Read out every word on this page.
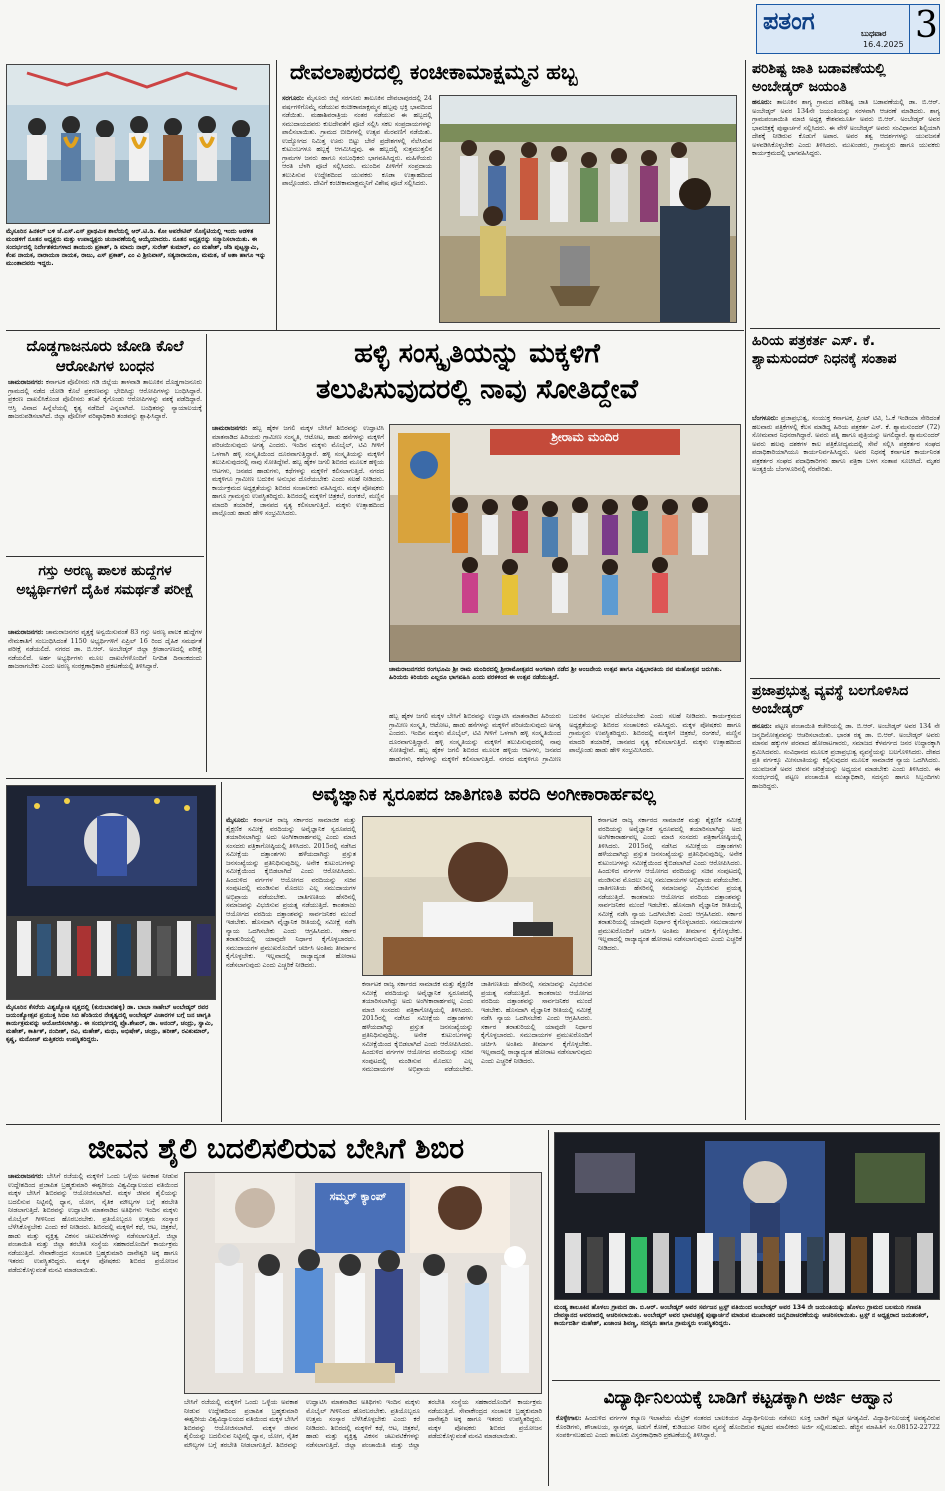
ಪತಂಗ	ಬುಧವಾರ
16.4.2025 3
ಮೈಸೂರಿನ ಹಿನಕಲ್ ಬಳಿ ಜೆ.ಎಸ್.ಎಸ್ ಪ್ರಾಥಮಿಕ ಶಾಲೆಯಲ್ಲಿ ಆರ್.ಟಿ.ಡಿ. ಕೋ ಆಪರೇಟಿವ್ ಸೊಸೈಟಿಯಲ್ಲಿ ಇಂದು ಆಡಳಿತ ಮಂಡಳಿಗೆ ನೂತನ ಅಧ್ಯಕ್ಷರು ಮತ್ತು ಉಪಾಧ್ಯಕ್ಷರು ಚುನಾವಣೆಯಲ್ಲಿ ಆಯ್ಕೆಯಾದರು. ನೂತನ ಅಧ್ಯಕ್ಷರನ್ನು ಸನ್ಮಾನಿಸಲಾಯಿತು. ಈ ಸಂದರ್ಭದಲ್ಲಿ ನಿರ್ದೇಶಕರುಗಳಾದ ತಾಯುರು ಪ್ರಕಾಶ್, ಡಿ ಮಾದು ನಾಥ್, ಸುರೇಶ್ ಕುಮಾರ್, ಎಂ ಮಹೇಶ್, ಜೆಡಿ ಪುಟ್ಟಸ್ವಾಮಿ, ಕೆಂಪ ನಾಯಕ, ನಾರಾಯಣ ನಾಯಕ, ರಾಜು, ಎಸ್ ಪ್ರಕಾಶ್, ಎಂ ವಿ ಶ್ರೀನಿವಾಸ್, ಸತ್ಯನಾರಾಯಣ, ಮಮತ, ಜೆ ಅಶಾ ಹಾಗೂ ಇನ್ನು ಮುಂತಾದವರು ಇದ್ದರು.
ದೇವಲಾಪುರದಲ್ಲಿ ಕಂಚೀಕಾಮಾಕ್ಷಮ್ಮನ ಹಬ್ಬ
ಸರಗೂರು: ಮೈಸೂರು ಜಿಲ್ಲೆ ಸರಗೂರು ತಾಲೂಕಿನ ದೇವಲಾಪುರದಲ್ಲಿ 24 ವರ್ಷಗಳಿಗೊಮ್ಮೆ ನಡೆಯುವ ಕಂಚೀಕಾಮಾಕ್ಷಮ್ಮನ ಹಬ್ಬವು ಭಕ್ತಿ ಭಾವದಿಂದ ನಡೆಯಿತು. ಮಹಾಶಿವರಾತ್ರಿಯ ನಂತರ ನಡೆಯುವ ಈ ಹಬ್ಬದಲ್ಲಿ ಸಮುದಾಯದವರು ಕುಲದೇವತೆಗೆ ಪೂಜೆ ಸಲ್ಲಿಸಿ ಸಕಲ ಸಂಪ್ರದಾಯಗಳನ್ನು ಪಾಲಿಸಲಾಯಿತು. ಗ್ರಾಮದ ಬೀದಿಗಳಲ್ಲಿ ಉತ್ಸವ ಮೆರವಣಿಗೆ ನಡೆಯಿತು. ಉದ್ಯೋಗದ ನಿಮಿತ್ತ ಊರು ಬಿಟ್ಟು ಬೇರೆ ಪ್ರದೇಶಗಳಲ್ಲಿ ನೆಲೆಸಿರುವ ಕುಟುಂಬಗಳೂ ಹಬ್ಬಕ್ಕೆ ಆಗಮಿಸಿದ್ದವು. ಈ ಹಬ್ಬದಲ್ಲಿ ಸುತ್ತಮುತ್ತಲಿನ ಗ್ರಾಮಗಳ ಜನರು ಹಾಗೂ ಸಂಬಂಧಿಕರು ಭಾಗವಹಿಸಿದ್ದರು. ಮಹಿಳೆಯರು ಆರತಿ ಬೆಳಗಿ ಪೂಜೆ ಸಲ್ಲಿಸಿದರು. ಮುಂದಿನ ಪೀಳಿಗೆಗೆ ಸಂಪ್ರದಾಯ ತಲುಪಿಸುವ ಉದ್ದೇಶದಿಂದ ಯುವಕರು ಕೂಡಾ ಉತ್ಸಾಹದಿಂದ ಪಾಲ್ಗೊಂಡರು. ದೇವಿಗೆ ಕಂಚೀಕಾಮಾಕ್ಷಮ್ಮನಿಗೆ ವಿಶೇಷ ಪೂಜೆ ಸಲ್ಲಿಸಿದರು.
ಪರಿಶಿಷ್ಟ ಜಾತಿ ಬಡಾವಣೆಯಲ್ಲಿ ಅಂಬೇಡ್ಕರ್ ಜಯಂತಿ
ಹನೂರು: ತಾಲೂಕಿನ ಶಾಗ್ಯ ಗ್ರಾಮದ ಪರಿಶಿಷ್ಟ ಜಾತಿ ಬಡಾವಣೆಯಲ್ಲಿ ಡಾ. ಬಿ.ಆರ್. ಅಂಬೇಡ್ಕರ್ ಅವರ 134ನೇ ಜಯಂತಿಯನ್ನು ಸರಳವಾಗಿ ಆಚರಣೆ ಮಾಡಿದರು. ಶಾಗ್ಯ ಗ್ರಾಮಪಂಚಾಯಿತಿ ಮಾಜಿ ಅಧ್ಯಕ್ಷ ಕೇಶವಮೂರ್ತಿ ಅವರು ಬಿ.ಆರ್. ಅಂಬೇಡ್ಕರ್ ಅವರ ಭಾವಚಿತ್ರಕ್ಕೆ ಪುಷ್ಪಾರ್ಚನೆ ಸಲ್ಲಿಸಿದರು. ಈ ವೇಳೆ ಅಂಬೇಡ್ಕರ್ ಅವರು ಸಂವಿಧಾನದ ಶಿಲ್ಪಿಯಾಗಿ ದೇಶಕ್ಕೆ ನೀಡಿರುವ ಕೊಡುಗೆ ಅಪಾರ. ಅವರ ತತ್ವ ಆದರ್ಶಗಳನ್ನು ಯುವಜನತೆ ಅಳವಡಿಸಿಕೊಳ್ಳಬೇಕು ಎಂದು ತಿಳಿಸಿದರು. ಮುಖಂಡರು, ಗ್ರಾಮಸ್ಥರು ಹಾಗೂ ಯುವಕರು ಕಾರ್ಯಕ್ರಮದಲ್ಲಿ ಭಾಗವಹಿಸಿದ್ದರು.
ಹಿರಿಯ ಪತ್ರಕರ್ತ ಎಸ್. ಕೆ. ಶ್ಯಾಮಸುಂದರ್ ನಿಧನಕ್ಕೆ ಸಂತಾಪ
ಬೆಂಗಳೂರು: ಪ್ರಜಾಪ್ರಭುತ್ವ, ಸಂಯುಕ್ತ ಕರ್ನಾಟಕ, ಪ್ರಿಂಟ್ ಟಿವಿ, ಓ.ಕೆ ಇಂಡಿಯಾ ಸೇರಿದಂತೆ ಹಲವಾರು ಪತ್ರಿಕೆಗಳಲ್ಲಿ ಕೆಲಸ ಮಾಡಿದ್ದ ಹಿರಿಯ ಪತ್ರಕರ್ತ ಎಸ್. ಕೆ. ಶ್ಯಾಮಸುಂದರ್ (72) ಸೋಮವಾರ ನಿಧನರಾಗಿದ್ದಾರೆ. ಅವರು ಪತ್ನಿ ಹಾಗೂ ಪುತ್ರಿಯನ್ನು ಅಗಲಿದ್ದಾರೆ. ಶ್ಯಾಮಸುಂದರ್ ಅವರು ಹಲವು ದಶಕಗಳ ಕಾಲ ಪತ್ರಿಕೋದ್ಯಮದಲ್ಲಿ ಸೇವೆ ಸಲ್ಲಿಸಿ ಪತ್ರಕರ್ತರ ಸಂಘದ ಪದಾಧಿಕಾರಿಯಾಗಿಯೂ ಕಾರ್ಯನಿರ್ವಹಿಸಿದ್ದರು. ಅವರ ನಿಧನಕ್ಕೆ ಕರ್ನಾಟಕ ಕಾರ್ಯನಿರತ ಪತ್ರಕರ್ತರ ಸಂಘದ ಪದಾಧಿಕಾರಿಗಳು ಹಾಗೂ ಪತ್ರಿಕಾ ಬಳಗ ಸಂತಾಪ ಸೂಚಿಸಿದೆ. ಮೃತರ ಅಂತ್ಯಕ್ರಿಯೆ ಬೆಂಗಳೂರಿನಲ್ಲಿ ನೆರವೇರಿತು.
ಪ್ರಜಾಪ್ರಭುತ್ವ ವ್ಯವಸ್ಥೆ ಬಲಗೊಳಿಸಿದ ಅಂಬೇಡ್ಕರ್
ಹನೂರು: ಪಟ್ಟಣ ಪಂಚಾಯಿತಿ ಕಚೇರಿಯಲ್ಲಿ ಡಾ. ಬಿ.ಆರ್. ಅಂಬೇಡ್ಕರ್ ಅವರ 134 ನೇ ಜನ್ಮದಿನೋತ್ಸವವನ್ನು ಆಚರಿಸಲಾಯಿತು. ಭಾರತ ರತ್ನ ಡಾ. ಬಿ.ಆರ್. ಅಂಬೇಡ್ಕರ್ ಅವರು ಮಾನವ ಹಕ್ಕುಗಳ ಪರವಾದ ಹೋರಾಟಗಾರರು, ಸಮಾಜದ ಕೆಳವರ್ಗದ ಜನರ ಉದ್ಧಾರಕ್ಕಾಗಿ ಶ್ರಮಿಸಿದವರು. ಸಂವಿಧಾನದ ಮೂಲಕ ಪ್ರಜಾಪ್ರಭುತ್ವ ವ್ಯವಸ್ಥೆಯನ್ನು ಬಲಗೊಳಿಸಿದರು. ದೇಶದ ಪ್ರತಿ ವರ್ಗಕ್ಕೂ ಮೀಸಲಾತಿಯನ್ನು ಕಲ್ಪಿಸುವುದರ ಮೂಲಕ ಸಾಮಾಜಿಕ ನ್ಯಾಯ ಒದಗಿಸಿದರು. ಯುವಜನತೆ ಅವರ ಜೀವನ ಚರಿತ್ರೆಯನ್ನು ಅಧ್ಯಯನ ಮಾಡಬೇಕು ಎಂದು ತಿಳಿಸಿದರು. ಈ ಸಂದರ್ಭದಲ್ಲಿ ಪಟ್ಟಣ ಪಂಚಾಯಿತಿ ಮುಖ್ಯಾಧಿಕಾರಿ, ಸದಸ್ಯರು ಹಾಗೂ ಸಿಬ್ಬಂದಿಗಳು ಹಾಜರಿದ್ದರು.
ದೊಡ್ಡಗಾಜನೂರು ಜೋಡಿ ಕೊಲೆ ಆರೋಪಿಗಳ ಬಂಧನ
ಚಾಮರಾಜನಗರ: ಕರ್ನಾಟಕ ಪೊಲೀಸರು ಗಡಿ ಜಿಲ್ಲೆಯ ತಾಳವಾಡಿ ತಾಲೂಕಿನ ದೊಡ್ಡಗಾಜನೂರು ಗ್ರಾಮದಲ್ಲಿ ನಡೆದ ಜೋಡಿ ಕೊಲೆ ಪ್ರಕರಣವನ್ನು ಭೇದಿಸಿದ್ದು ಆರೋಪಿಗಳನ್ನು ಬಂಧಿಸಿದ್ದಾರೆ. ಪ್ರಕರಣ ದಾಖಲಿಸಿಕೊಂಡ ಪೊಲೀಸರು ತನಿಖೆ ಕೈಗೊಂಡು ಆರೋಪಿಗಳನ್ನು ವಶಕ್ಕೆ ಪಡೆದಿದ್ದಾರೆ. ಆಸ್ತಿ ವಿವಾದ ಹಿನ್ನೆಲೆಯಲ್ಲಿ ಕೃತ್ಯ ನಡೆದಿದೆ ಎನ್ನಲಾಗಿದೆ. ಬಂಧಿತರನ್ನು ನ್ಯಾಯಾಲಯಕ್ಕೆ ಹಾಜರುಪಡಿಸಲಾಗಿದೆ. ಜಿಲ್ಲಾ ಪೊಲೀಸ್ ವರಿಷ್ಠಾಧಿಕಾರಿ ತಂಡವನ್ನು ಶ್ಲಾಘಿಸಿದ್ದಾರೆ.
ಗಸ್ತು ಅರಣ್ಯ ಪಾಲಕ ಹುದ್ದೆಗಳ ಅಭ್ಯರ್ಥಿಗಳಿಗೆ ದೈಹಿಕ ಸಮರ್ಥತೆ ಪರೀಕ್ಷೆ
ಚಾಮರಾಜನಗರ: ಚಾಮರಾಜನಗರ ವೃತ್ತಕ್ಕೆ ಅನ್ವಯಿಸುವಂತೆ 83 ಗಸ್ತು ಅರಣ್ಯ ಪಾಲಕ ಹುದ್ದೆಗಳ ನೇಮಕಾತಿಗೆ ಸಂಬಂಧಿಸಿದಂತೆ 1150 ಅಭ್ಯರ್ಥಿಗಳಿಗೆ ಏಪ್ರಿಲ್ 16 ರಿಂದ ದೈಹಿಕ ಸಮರ್ಥತೆ ಪರೀಕ್ಷೆ ನಡೆಯಲಿದೆ. ನಗರದ ಡಾ. ಬಿ.ಆರ್. ಅಂಬೇಡ್ಕರ್ ಜಿಲ್ಲಾ ಕ್ರೀಡಾಂಗಣದಲ್ಲಿ ಪರೀಕ್ಷೆ ನಡೆಯಲಿದೆ. ಅರ್ಹ ಅಭ್ಯರ್ಥಿಗಳು ಮೂಲ ದಾಖಲೆಗಳೊಂದಿಗೆ ನಿಗದಿತ ದಿನಾಂಕದಂದು ಹಾಜರಾಗಬೇಕು ಎಂದು ಅರಣ್ಯ ಸಂರಕ್ಷಣಾಧಿಕಾರಿ ಪ್ರಕಟಣೆಯಲ್ಲಿ ತಿಳಿಸಿದ್ದಾರೆ.
ಹಳ್ಳಿ ಸಂಸ್ಕೃತಿಯನ್ನು ಮಕ್ಕಳಿಗೆ
ತಲುಪಿಸುವುದರಲ್ಲಿ ನಾವು ಸೋತಿದ್ದೇವೆ
ಚಾಮರಾಜನಗರ: ಹಬ್ಬ ಹೈಕಳ ಜಗಲಿ ಮಕ್ಕಳ ಬೇಸಿಗೆ ಶಿಬಿರವನ್ನು ಉದ್ಘಾಟಿಸಿ ಮಾತನಾಡಿದ ಹಿರಿಯರು ಗ್ರಾಮೀಣ ಸಂಸ್ಕೃತಿ, ಆಟೋಟ, ಹಾಡು ಹಸೆಗಳನ್ನು ಮಕ್ಕಳಿಗೆ ಪರಿಚಯಿಸುವುದು ಅಗತ್ಯ ಎಂದರು. ಇಂದಿನ ಮಕ್ಕಳು ಮೊಬೈಲ್, ಟಿವಿ ಗೀಳಿಗೆ ಒಳಗಾಗಿ ಹಳ್ಳಿ ಸಂಸ್ಕೃತಿಯಿಂದ ದೂರವಾಗುತ್ತಿದ್ದಾರೆ. ಹಳ್ಳಿ ಸಂಸ್ಕೃತಿಯನ್ನು ಮಕ್ಕಳಿಗೆ ತಲುಪಿಸುವುದರಲ್ಲಿ ನಾವು ಸೋತಿದ್ದೇವೆ. ಹಬ್ಬ ಹೈಕಳ ಜಗಲಿ ಶಿಬಿರದ ಮೂಲಕ ಹಳ್ಳಿಯ ಆಟಗಳು, ಜನಪದ ಹಾಡುಗಳು, ಕಥೆಗಳನ್ನು ಮಕ್ಕಳಿಗೆ ಕಲಿಸಲಾಗುತ್ತಿದೆ. ನಗರದ ಮಕ್ಕಳಿಗೂ ಗ್ರಾಮೀಣ ಬದುಕಿನ ಅನುಭವ ದೊರೆಯಬೇಕು ಎಂದು ಸಲಹೆ ನೀಡಿದರು. ಕಾರ್ಯಕ್ರಮದ ಅಧ್ಯಕ್ಷತೆಯನ್ನು ಶಿಬಿರದ ಸಂಚಾಲಕರು ವಹಿಸಿದ್ದರು. ಮಕ್ಕಳ ಪೋಷಕರು ಹಾಗೂ ಗ್ರಾಮಸ್ಥರು ಉಪಸ್ಥಿತರಿದ್ದರು. ಶಿಬಿರದಲ್ಲಿ ಮಕ್ಕಳಿಗೆ ಚಿತ್ರಕಲೆ, ರಂಗಕಲೆ, ಮಣ್ಣಿನ ಮಾದರಿ ತಯಾರಿಕೆ, ಜಾನಪದ ನೃತ್ಯ ಕಲಿಸಲಾಗುತ್ತಿದೆ. ಮಕ್ಕಳು ಉತ್ಸಾಹದಿಂದ ಪಾಲ್ಗೊಂಡು ಹಾಡು ಹೇಳಿ ಸಂಭ್ರಮಿಸಿದರು.
ಶ್ರೀರಾಮ ಮಂದಿರ
ಚಾಮರಾಜನಗರದ ರಂಗಭೂಮಿ ಶ್ರೀ ರಾಮ ಮಂದಿರದಲ್ಲಿ ಶ್ರೀರಾಮೋತ್ಸವದ ಅಂಗವಾಗಿ ನಡೆದ ಶ್ರೀ ಆಂಜನೇಯ ಉತ್ಸವ ಹಾಗೂ ವಿಶ್ವಭಾರತಿಯ ನವ ಮಹೋತ್ಸವ ಜರುಗಿತು. ಹಿರಿಯರು ಕಿರಿಯರು ಎಲ್ಲರೂ ಭಾಗವಹಿಸಿ ಎಂದು ವರಕಳಿಂದ ಈ ಉತ್ಸವ ನಡೆಯುತ್ತಿದೆ.
ಹಬ್ಬ ಹೈಕಳ ಜಗಲಿ ಮಕ್ಕಳ ಬೇಸಿಗೆ ಶಿಬಿರವನ್ನು ಉದ್ಘಾಟಿಸಿ ಮಾತನಾಡಿದ ಹಿರಿಯರು ಗ್ರಾಮೀಣ ಸಂಸ್ಕೃತಿ, ಆಟೋಟ, ಹಾಡು ಹಸೆಗಳನ್ನು ಮಕ್ಕಳಿಗೆ ಪರಿಚಯಿಸುವುದು ಅಗತ್ಯ ಎಂದರು. ಇಂದಿನ ಮಕ್ಕಳು ಮೊಬೈಲ್, ಟಿವಿ ಗೀಳಿಗೆ ಒಳಗಾಗಿ ಹಳ್ಳಿ ಸಂಸ್ಕೃತಿಯಿಂದ ದೂರವಾಗುತ್ತಿದ್ದಾರೆ. ಹಳ್ಳಿ ಸಂಸ್ಕೃತಿಯನ್ನು ಮಕ್ಕಳಿಗೆ ತಲುಪಿಸುವುದರಲ್ಲಿ ನಾವು ಸೋತಿದ್ದೇವೆ. ಹಬ್ಬ ಹೈಕಳ ಜಗಲಿ ಶಿಬಿರದ ಮೂಲಕ ಹಳ್ಳಿಯ ಆಟಗಳು, ಜನಪದ ಹಾಡುಗಳು, ಕಥೆಗಳನ್ನು ಮಕ್ಕಳಿಗೆ ಕಲಿಸಲಾಗುತ್ತಿದೆ. ನಗರದ ಮಕ್ಕಳಿಗೂ ಗ್ರಾಮೀಣ ಬದುಕಿನ ಅನುಭವ ದೊರೆಯಬೇಕು ಎಂದು ಸಲಹೆ ನೀಡಿದರು. ಕಾರ್ಯಕ್ರಮದ ಅಧ್ಯಕ್ಷತೆಯನ್ನು ಶಿಬಿರದ ಸಂಚಾಲಕರು ವಹಿಸಿದ್ದರು. ಮಕ್ಕಳ ಪೋಷಕರು ಹಾಗೂ ಗ್ರಾಮಸ್ಥರು ಉಪಸ್ಥಿತರಿದ್ದರು. ಶಿಬಿರದಲ್ಲಿ ಮಕ್ಕಳಿಗೆ ಚಿತ್ರಕಲೆ, ರಂಗಕಲೆ, ಮಣ್ಣಿನ ಮಾದರಿ ತಯಾರಿಕೆ, ಜಾನಪದ ನೃತ್ಯ ಕಲಿಸಲಾಗುತ್ತಿದೆ. ಮಕ್ಕಳು ಉತ್ಸಾಹದಿಂದ ಪಾಲ್ಗೊಂಡು ಹಾಡು ಹೇಳಿ ಸಂಭ್ರಮಿಸಿದರು.
ಮೈಸೂರಿನ ಕೆಸರೆಯ ವಿಶ್ವಜ್ಯೋತಿ ವೃತ್ತದಲ್ಲಿ (ಕುರುಬಾರಹಳ್ಳಿ) ಡಾ. ಬಾಬಾ ಸಾಹೇಬ್ ಅಂಬೇಡ್ಕರ್ ರವರ ಜಯಂತ್ಯೋತ್ಸವ ಪ್ರಯುಕ್ತ ಸಿಬಿಐ ಸಿಬಿ ಹೆಂಡಿಯರ ನೇತೃತ್ವದಲ್ಲಿ ಅಂಬೇಡ್ಕರ್ ವಿಚಾರಗಳ ಬಗ್ಗೆ ಜನ ಜಾಗೃತಿ ಕಾರ್ಯಕ್ರಮವನ್ನು ಆಯೋಜಿಸಲಾಗಿತ್ತು. ಈ ಸಂದರ್ಭದಲ್ಲಿ ಪ್ರೊ.ಶೇಖರ್, ಡಾ. ಆನಂದ್, ಚಂದ್ರು, ಸ್ವಾಮಿ, ಮಹೇಶ್, ಕಾರ್ತಿಕ್, ನಂದೀಶ್, ರವಿ, ಮಹೇಶ್, ಮಧು, ಅಭಿಷೇಕ್, ಚಂದ್ರು, ಹರೀಶ್, ರವಿಕುಮಾರ್, ಕೃಷ್ಣ, ಮನೋಜ್ ಮತ್ತಿತರರು ಉಪಸ್ಥಿತರಿದ್ದರು.
ಅವೈಜ್ಞಾನಿಕ ಸ್ವರೂಪದ ಜಾತಿಗಣತಿ ವರದಿ ಅಂಗೀಕಾರಾರ್ಹವಲ್ಲ
ಮೈಸೂರು: ಕರ್ನಾಟಕ ರಾಜ್ಯ ಸರ್ಕಾರದ ಸಾಮಾಜಿಕ ಮತ್ತು ಶೈಕ್ಷಣಿಕ ಸಮೀಕ್ಷೆ ವರದಿಯನ್ನು ಅವೈಜ್ಞಾನಿಕ ಸ್ವರೂಪದಲ್ಲಿ ತಯಾರಿಸಲಾಗಿದ್ದು ಅದು ಅಂಗೀಕಾರಾರ್ಹವಲ್ಲ ಎಂದು ಮಾಜಿ ಸಂಸದರು ಪತ್ರಿಕಾಗೋಷ್ಠಿಯಲ್ಲಿ ತಿಳಿಸಿದರು. 2015ರಲ್ಲಿ ನಡೆಸಿದ ಸಮೀಕ್ಷೆಯ ದತ್ತಾಂಶಗಳು ಹಳೆಯದಾಗಿದ್ದು ಪ್ರಸ್ತುತ ಜನಸಂಖ್ಯೆಯನ್ನು ಪ್ರತಿನಿಧಿಸುವುದಿಲ್ಲ. ಅನೇಕ ಕುಟುಂಬಗಳನ್ನು ಸಮೀಕ್ಷೆಯಿಂದ ಕೈಬಿಡಲಾಗಿದೆ ಎಂದು ಆರೋಪಿಸಿದರು. ಹಿಂದುಳಿದ ವರ್ಗಗಳ ಆಯೋಗದ ವರದಿಯನ್ನು ಸಚಿವ ಸಂಪುಟದಲ್ಲಿ ಮಂಡಿಸುವ ಮೊದಲು ಎಲ್ಲ ಸಮುದಾಯಗಳ ಅಭಿಪ್ರಾಯ ಪಡೆಯಬೇಕು. ಜಾತಿಗಣತಿಯ ಹೆಸರಿನಲ್ಲಿ ಸಮಾಜವನ್ನು ವಿಭಜಿಸುವ ಪ್ರಯತ್ನ ನಡೆಯುತ್ತಿದೆ. ಕಾಂತರಾಜು ಆಯೋಗದ ವರದಿಯ ದತ್ತಾಂಶವನ್ನು ಸಾರ್ವಜನಿಕರ ಮುಂದೆ ಇಡಬೇಕು. ಹೊಸದಾಗಿ ವೈಜ್ಞಾನಿಕ ರೀತಿಯಲ್ಲಿ ಸಮೀಕ್ಷೆ ನಡೆಸಿ ನ್ಯಾಯ ಒದಗಿಸಬೇಕು ಎಂದು ಆಗ್ರಹಿಸಿದರು. ಸರ್ಕಾರ ತರಾತುರಿಯಲ್ಲಿ ಯಾವುದೇ ನಿರ್ಧಾರ ಕೈಗೊಳ್ಳಬಾರದು. ಸಮುದಾಯಗಳ ಪ್ರಮುಖರೊಂದಿಗೆ ಚರ್ಚಿಸಿ ಅಂತಿಮ ತೀರ್ಮಾನ ಕೈಗೊಳ್ಳಬೇಕು. ಇಲ್ಲವಾದಲ್ಲಿ ರಾಜ್ಯಾದ್ಯಂತ ಹೋರಾಟ ನಡೆಸಲಾಗುವುದು ಎಂದು ಎಚ್ಚರಿಕೆ ನೀಡಿದರು.
ಕರ್ನಾಟಕ ರಾಜ್ಯ ಸರ್ಕಾರದ ಸಾಮಾಜಿಕ ಮತ್ತು ಶೈಕ್ಷಣಿಕ ಸಮೀಕ್ಷೆ ವರದಿಯನ್ನು ಅವೈಜ್ಞಾನಿಕ ಸ್ವರೂಪದಲ್ಲಿ ತಯಾರಿಸಲಾಗಿದ್ದು ಅದು ಅಂಗೀಕಾರಾರ್ಹವಲ್ಲ ಎಂದು ಮಾಜಿ ಸಂಸದರು ಪತ್ರಿಕಾಗೋಷ್ಠಿಯಲ್ಲಿ ತಿಳಿಸಿದರು. 2015ರಲ್ಲಿ ನಡೆಸಿದ ಸಮೀಕ್ಷೆಯ ದತ್ತಾಂಶಗಳು ಹಳೆಯದಾಗಿದ್ದು ಪ್ರಸ್ತುತ ಜನಸಂಖ್ಯೆಯನ್ನು ಪ್ರತಿನಿಧಿಸುವುದಿಲ್ಲ. ಅನೇಕ ಕುಟುಂಬಗಳನ್ನು ಸಮೀಕ್ಷೆಯಿಂದ ಕೈಬಿಡಲಾಗಿದೆ ಎಂದು ಆರೋಪಿಸಿದರು. ಹಿಂದುಳಿದ ವರ್ಗಗಳ ಆಯೋಗದ ವರದಿಯನ್ನು ಸಚಿವ ಸಂಪುಟದಲ್ಲಿ ಮಂಡಿಸುವ ಮೊದಲು ಎಲ್ಲ ಸಮುದಾಯಗಳ ಅಭಿಪ್ರಾಯ ಪಡೆಯಬೇಕು. ಜಾತಿಗಣತಿಯ ಹೆಸರಿನಲ್ಲಿ ಸಮಾಜವನ್ನು ವಿಭಜಿಸುವ ಪ್ರಯತ್ನ ನಡೆಯುತ್ತಿದೆ. ಕಾಂತರಾಜು ಆಯೋಗದ ವರದಿಯ ದತ್ತಾಂಶವನ್ನು ಸಾರ್ವಜನಿಕರ ಮುಂದೆ ಇಡಬೇಕು. ಹೊಸದಾಗಿ ವೈಜ್ಞಾನಿಕ ರೀತಿಯಲ್ಲಿ ಸಮೀಕ್ಷೆ ನಡೆಸಿ ನ್ಯಾಯ ಒದಗಿಸಬೇಕು ಎಂದು ಆಗ್ರಹಿಸಿದರು. ಸರ್ಕಾರ ತರಾತುರಿಯಲ್ಲಿ ಯಾವುದೇ ನಿರ್ಧಾರ ಕೈಗೊಳ್ಳಬಾರದು. ಸಮುದಾಯಗಳ ಪ್ರಮುಖರೊಂದಿಗೆ ಚರ್ಚಿಸಿ ಅಂತಿಮ ತೀರ್ಮಾನ ಕೈಗೊಳ್ಳಬೇಕು. ಇಲ್ಲವಾದಲ್ಲಿ ರಾಜ್ಯಾದ್ಯಂತ ಹೋರಾಟ ನಡೆಸಲಾಗುವುದು ಎಂದು ಎಚ್ಚರಿಕೆ ನೀಡಿದರು.
ಕರ್ನಾಟಕ ರಾಜ್ಯ ಸರ್ಕಾರದ ಸಾಮಾಜಿಕ ಮತ್ತು ಶೈಕ್ಷಣಿಕ ಸಮೀಕ್ಷೆ ವರದಿಯನ್ನು ಅವೈಜ್ಞಾನಿಕ ಸ್ವರೂಪದಲ್ಲಿ ತಯಾರಿಸಲಾಗಿದ್ದು ಅದು ಅಂಗೀಕಾರಾರ್ಹವಲ್ಲ ಎಂದು ಮಾಜಿ ಸಂಸದರು ಪತ್ರಿಕಾಗೋಷ್ಠಿಯಲ್ಲಿ ತಿಳಿಸಿದರು. 2015ರಲ್ಲಿ ನಡೆಸಿದ ಸಮೀಕ್ಷೆಯ ದತ್ತಾಂಶಗಳು ಹಳೆಯದಾಗಿದ್ದು ಪ್ರಸ್ತುತ ಜನಸಂಖ್ಯೆಯನ್ನು ಪ್ರತಿನಿಧಿಸುವುದಿಲ್ಲ. ಅನೇಕ ಕುಟುಂಬಗಳನ್ನು ಸಮೀಕ್ಷೆಯಿಂದ ಕೈಬಿಡಲಾಗಿದೆ ಎಂದು ಆರೋಪಿಸಿದರು. ಹಿಂದುಳಿದ ವರ್ಗಗಳ ಆಯೋಗದ ವರದಿಯನ್ನು ಸಚಿವ ಸಂಪುಟದಲ್ಲಿ ಮಂಡಿಸುವ ಮೊದಲು ಎಲ್ಲ ಸಮುದಾಯಗಳ ಅಭಿಪ್ರಾಯ ಪಡೆಯಬೇಕು. ಜಾತಿಗಣತಿಯ ಹೆಸರಿನಲ್ಲಿ ಸಮಾಜವನ್ನು ವಿಭಜಿಸುವ ಪ್ರಯತ್ನ ನಡೆಯುತ್ತಿದೆ. ಕಾಂತರಾಜು ಆಯೋಗದ ವರದಿಯ ದತ್ತಾಂಶವನ್ನು ಸಾರ್ವಜನಿಕರ ಮುಂದೆ ಇಡಬೇಕು. ಹೊಸದಾಗಿ ವೈಜ್ಞಾನಿಕ ರೀತಿಯಲ್ಲಿ ಸಮೀಕ್ಷೆ ನಡೆಸಿ ನ್ಯಾಯ ಒದಗಿಸಬೇಕು ಎಂದು ಆಗ್ರಹಿಸಿದರು. ಸರ್ಕಾರ ತರಾತುರಿಯಲ್ಲಿ ಯಾವುದೇ ನಿರ್ಧಾರ ಕೈಗೊಳ್ಳಬಾರದು. ಸಮುದಾಯಗಳ ಪ್ರಮುಖರೊಂದಿಗೆ ಚರ್ಚಿಸಿ ಅಂತಿಮ ತೀರ್ಮಾನ ಕೈಗೊಳ್ಳಬೇಕು. ಇಲ್ಲವಾದಲ್ಲಿ ರಾಜ್ಯಾದ್ಯಂತ ಹೋರಾಟ ನಡೆಸಲಾಗುವುದು ಎಂದು ಎಚ್ಚರಿಕೆ ನೀಡಿದರು.
ಜೀವನ ಶೈಲಿ ಬದಲಿಸಲಿರುವ ಬೇಸಿಗೆ ಶಿಬಿರ
ಚಾಮರಾಜನಗರ: ಬೇಸಿಗೆ ರಜೆಯಲ್ಲಿ ಮಕ್ಕಳಿಗೆ ಒಂದು ಒಳ್ಳೆಯ ಅವಕಾಶ ನೀಡುವ ಉದ್ದೇಶದಿಂದ ಪ್ರಜಾಪಿತ ಬ್ರಹ್ಮಕುಮಾರಿ ಈಶ್ವರೀಯ ವಿಶ್ವವಿದ್ಯಾಲಯದ ವತಿಯಿಂದ ಮಕ್ಕಳ ಬೇಸಿಗೆ ಶಿಬಿರವನ್ನು ಆಯೋಜಿಸಲಾಗಿದೆ. ಮಕ್ಕಳ ಜೀವನ ಶೈಲಿಯನ್ನು ಬದಲಿಸುವ ನಿಟ್ಟಿನಲ್ಲಿ ಧ್ಯಾನ, ಯೋಗ, ನೈತಿಕ ಮೌಲ್ಯಗಳ ಬಗ್ಗೆ ತರಬೇತಿ ನೀಡಲಾಗುತ್ತಿದೆ. ಶಿಬಿರವನ್ನು ಉದ್ಘಾಟಿಸಿ ಮಾತನಾಡಿದ ಅತಿಥಿಗಳು ಇಂದಿನ ಮಕ್ಕಳು ಮೊಬೈಲ್ ಗೀಳಿನಿಂದ ಹೊರಬರಬೇಕು. ಪ್ರತಿಯೊಬ್ಬರೂ ಉತ್ತಮ ಸಂಸ್ಕಾರ ಬೆಳೆಸಿಕೊಳ್ಳಬೇಕು ಎಂದು ಕರೆ ನೀಡಿದರು. ಶಿಬಿರದಲ್ಲಿ ಮಕ್ಕಳಿಗೆ ಕಥೆ, ಆಟ, ಚಿತ್ರಕಲೆ, ಹಾಡು ಮತ್ತು ವ್ಯಕ್ತಿತ್ವ ವಿಕಸನ ಚಟುವಟಿಕೆಗಳನ್ನು ನಡೆಸಲಾಗುತ್ತಿದೆ. ಜಿಲ್ಲಾ ಪಂಚಾಯಿತಿ ಮತ್ತು ಜಿಲ್ಲಾ ತರಬೇತಿ ಸಂಸ್ಥೆಯ ಸಹಕಾರದೊಂದಿಗೆ ಕಾರ್ಯಕ್ರಮ ನಡೆಯುತ್ತಿದೆ. ಸೇವಾಕೇಂದ್ರದ ಸಂಚಾಲಕಿ ಬ್ರಹ್ಮಕುಮಾರಿ ದಾನೇಶ್ವರಿ ಅಕ್ಕ ಹಾಗೂ ಇತರರು ಉಪಸ್ಥಿತರಿದ್ದರು. ಮಕ್ಕಳ ಪೋಷಕರು ಶಿಬಿರದ ಪ್ರಯೋಜನ ಪಡೆದುಕೊಳ್ಳುವಂತೆ ಮನವಿ ಮಾಡಲಾಯಿತು.
ಸಮ್ಮರ್ ಕ್ಯಾಂಪ್
ಬೇಸಿಗೆ ರಜೆಯಲ್ಲಿ ಮಕ್ಕಳಿಗೆ ಒಂದು ಒಳ್ಳೆಯ ಅವಕಾಶ ನೀಡುವ ಉದ್ದೇಶದಿಂದ ಪ್ರಜಾಪಿತ ಬ್ರಹ್ಮಕುಮಾರಿ ಈಶ್ವರೀಯ ವಿಶ್ವವಿದ್ಯಾಲಯದ ವತಿಯಿಂದ ಮಕ್ಕಳ ಬೇಸಿಗೆ ಶಿಬಿರವನ್ನು ಆಯೋಜಿಸಲಾಗಿದೆ. ಮಕ್ಕಳ ಜೀವನ ಶೈಲಿಯನ್ನು ಬದಲಿಸುವ ನಿಟ್ಟಿನಲ್ಲಿ ಧ್ಯಾನ, ಯೋಗ, ನೈತಿಕ ಮೌಲ್ಯಗಳ ಬಗ್ಗೆ ತರಬೇತಿ ನೀಡಲಾಗುತ್ತಿದೆ. ಶಿಬಿರವನ್ನು ಉದ್ಘಾಟಿಸಿ ಮಾತನಾಡಿದ ಅತಿಥಿಗಳು ಇಂದಿನ ಮಕ್ಕಳು ಮೊಬೈಲ್ ಗೀಳಿನಿಂದ ಹೊರಬರಬೇಕು. ಪ್ರತಿಯೊಬ್ಬರೂ ಉತ್ತಮ ಸಂಸ್ಕಾರ ಬೆಳೆಸಿಕೊಳ್ಳಬೇಕು ಎಂದು ಕರೆ ನೀಡಿದರು. ಶಿಬಿರದಲ್ಲಿ ಮಕ್ಕಳಿಗೆ ಕಥೆ, ಆಟ, ಚಿತ್ರಕಲೆ, ಹಾಡು ಮತ್ತು ವ್ಯಕ್ತಿತ್ವ ವಿಕಸನ ಚಟುವಟಿಕೆಗಳನ್ನು ನಡೆಸಲಾಗುತ್ತಿದೆ. ಜಿಲ್ಲಾ ಪಂಚಾಯಿತಿ ಮತ್ತು ಜಿಲ್ಲಾ ತರಬೇತಿ ಸಂಸ್ಥೆಯ ಸಹಕಾರದೊಂದಿಗೆ ಕಾರ್ಯಕ್ರಮ ನಡೆಯುತ್ತಿದೆ. ಸೇವಾಕೇಂದ್ರದ ಸಂಚಾಲಕಿ ಬ್ರಹ್ಮಕುಮಾರಿ ದಾನೇಶ್ವರಿ ಅಕ್ಕ ಹಾಗೂ ಇತರರು ಉಪಸ್ಥಿತರಿದ್ದರು. ಮಕ್ಕಳ ಪೋಷಕರು ಶಿಬಿರದ ಪ್ರಯೋಜನ ಪಡೆದುಕೊಳ್ಳುವಂತೆ ಮನವಿ ಮಾಡಲಾಯಿತು.
ಮಂಡ್ಯ ತಾಲೂಕಿನ ಹೊಳಲು ಗ್ರಾಮದ ಡಾ. ಬಿ.ಆರ್. ಅಂಬೇಡ್ಕರ್ ಅವರ ಸರ್ವಜನ ಟ್ರಸ್ಟ್ ವತಿಯಿಂದ ಅಂಬೇಡ್ಕರ್ ಅವರ 134 ನೇ ಜಯಂತಿಯನ್ನು ಹೊಳಲು ಗ್ರಾಮದ ಬಲಮುರಿ ಗಣಪತಿ ದೇವಸ್ಥಾನದ ಆವರಣದಲ್ಲಿ ಆಚರಿಸಲಾಯಿತು. ಅಂಬೇಡ್ಕರ್ ಅವರ ಭಾವಚಿತ್ರಕ್ಕೆ ಪುಷ್ಪಾರ್ಚನೆ ಮಾಡುವ ಮುಖಾಂತರ ಜನ್ಮದಿನಾಚರಣೆಯನ್ನು ಆಚರಿಸಲಾಯಿತು. ಟ್ರಸ್ಟ್ ನ ಅಧ್ಯಕ್ಷರಾದ ಜಯಶಂಕರ್, ಕಾರ್ಯದರ್ಶಿ ಮಹೇಶ್, ಖಜಾಂಚಿ ಶಿವಣ್ಣ, ಸದಸ್ಯರು ಹಾಗೂ ಗ್ರಾಮಸ್ಥರು ಉಪಸ್ಥಿತರಿದ್ದರು.
ವಿದ್ಯಾರ್ಥಿನಿಲಯಕ್ಕೆ ಬಾಡಿಗೆ ಕಟ್ಟಡಕ್ಕಾಗಿ ಅರ್ಜಿ ಆಹ್ವಾನ
ಕೊಳ್ಳೇಗಾಲ: ಹಿಂದುಳಿದ ವರ್ಗಗಳ ಕಲ್ಯಾಣ ಇಲಾಖೆಯ ಮೆಟ್ರಿಕ್ ನಂತರದ ಬಾಲಕಿಯರ ವಿದ್ಯಾರ್ಥಿನಿಲಯ ನಡೆಸಲು ಸೂಕ್ತ ಬಾಡಿಗೆ ಕಟ್ಟಡ ಅಗತ್ಯವಿದೆ. ವಿದ್ಯಾರ್ಥಿನಿಲಯಕ್ಕೆ ಅವಶ್ಯವಿರುವ ಕೊಠಡಿಗಳು, ಶೌಚಾಲಯ, ಸ್ನಾನಗೃಹ, ಅಡುಗೆ ಕೋಣೆ, ಕುಡಿಯುವ ನೀರಿನ ವ್ಯವಸ್ಥೆ ಹೊಂದಿರುವ ಕಟ್ಟಡದ ಮಾಲೀಕರು ಅರ್ಜಿ ಸಲ್ಲಿಸಬಹುದು. ಹೆಚ್ಚಿನ ಮಾಹಿತಿಗೆ ಸಂ.08152-22722 ಸಂಪರ್ಕಿಸಬಹುದು ಎಂದು ತಾಲೂಕು ವಿಸ್ತರಣಾಧಿಕಾರಿ ಪ್ರಕಟಣೆಯಲ್ಲಿ ತಿಳಿಸಿದ್ದಾರೆ.
